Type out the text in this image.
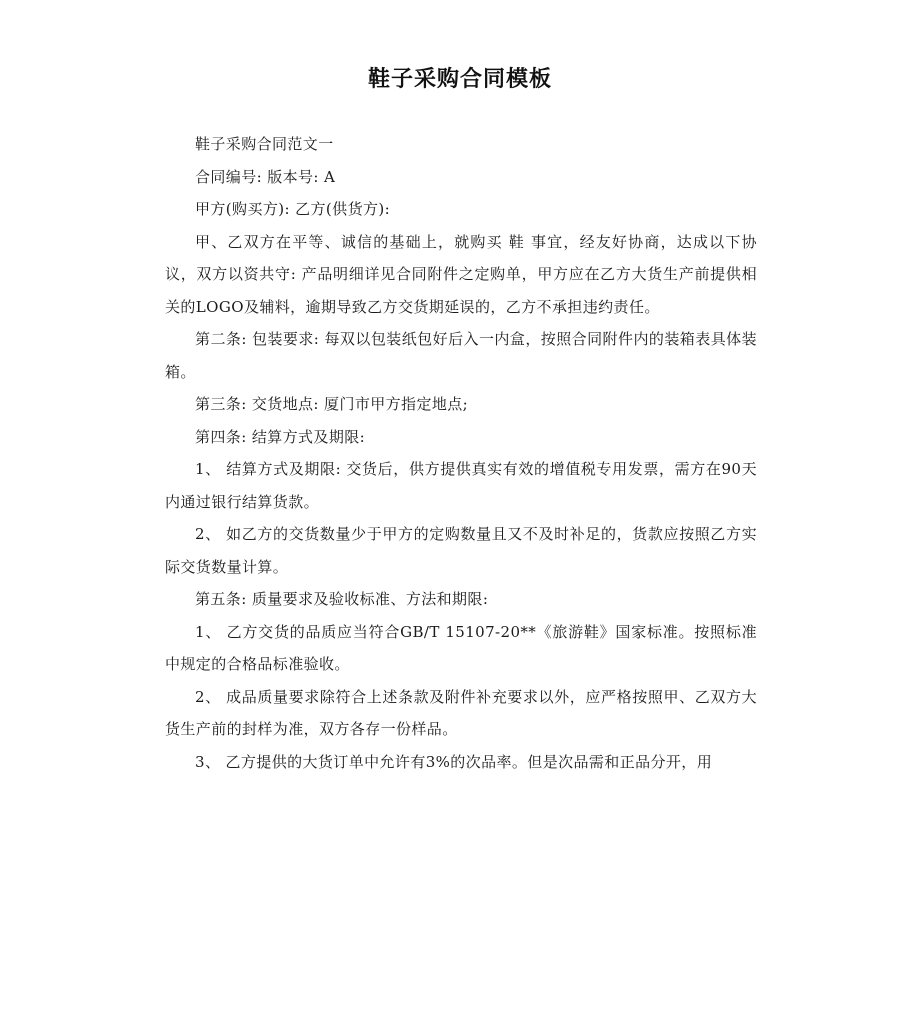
鞋子采购合同模板

鞋子采购合同范文一

合同编号: 版本号: A

甲方(购买方): 乙方(供货方):

甲、乙双方在平等、诚信的基础上，就购买 鞋 事宜，经友好协商，达成以下协议，双方以资共守: 产品明细详见合同附件之定购单，甲方应在乙方大货生产前提供相关的LOGO及辅料，逾期导致乙方交货期延误的，乙方不承担违约责任。

第二条: 包装要求: 每双以包装纸包好后入一内盒，按照合同附件内的装箱表具体装箱。

第三条: 交货地点: 厦门市甲方指定地点;

第四条: 结算方式及期限:

1、 结算方式及期限: 交货后，供方提供真实有效的增值税专用发票，需方在90天内通过银行结算货款。

2、 如乙方的交货数量少于甲方的定购数量且又不及时补足的，货款应按照乙方实际交货数量计算。

第五条: 质量要求及验收标准、方法和期限:

1、 乙方交货的品质应当符合GB/T 15107-20**《旅游鞋》国家标准。按照标准中规定的合格品标准验收。

2、 成品质量要求除符合上述条款及附件补充要求以外，应严格按照甲、乙双方大货生产前的封样为准，双方各存一份样品。

3、 乙方提供的大货订单中允许有3%的次品率。但是次品需和正品分开，用
